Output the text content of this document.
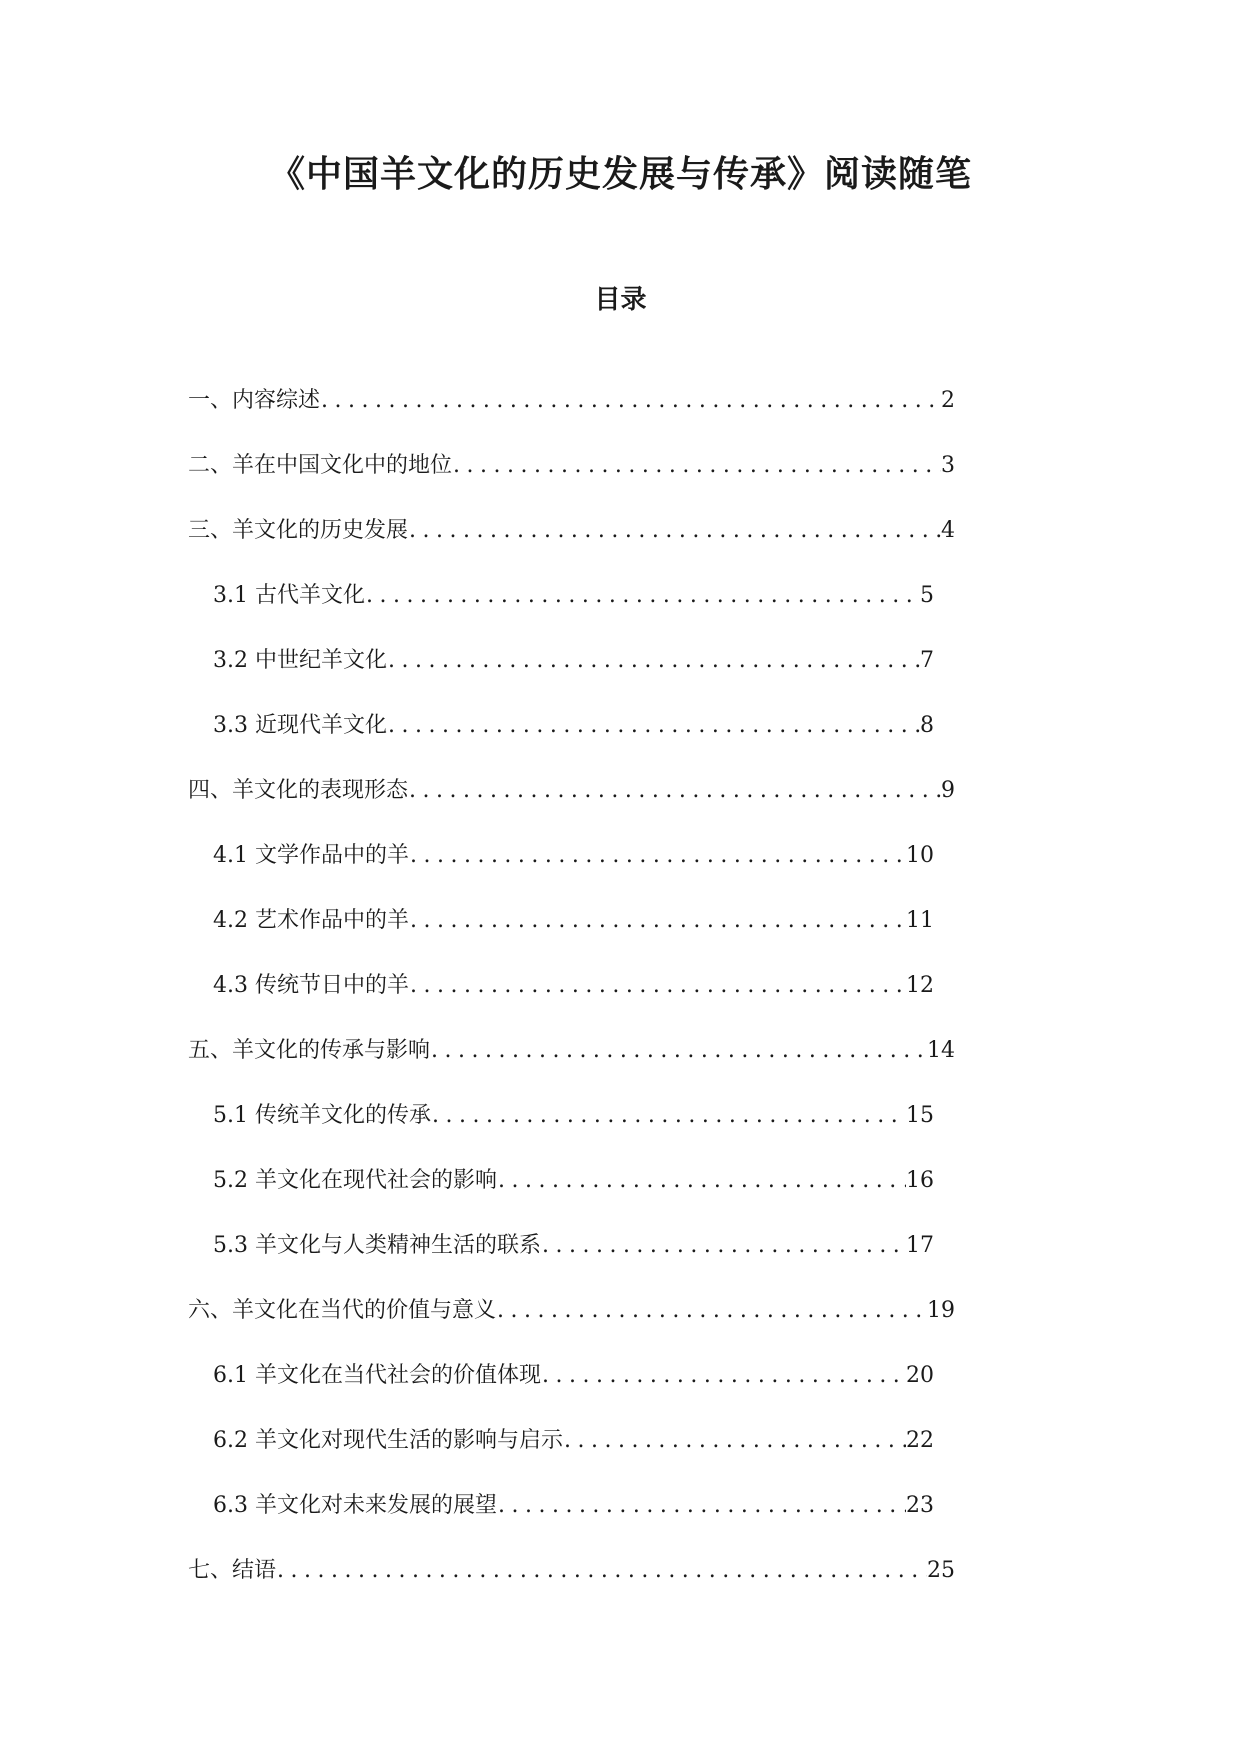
《中国羊文化的历史发展与传承》阅读随笔
目录
一、内容综述 .....	2
二、羊在中国文化中的地位 .....	3
三、羊文化的历史发展 .....	4
3.1 古代羊文化 .....	5
3.2 中世纪羊文化 .....	7
3.3 近现代羊文化 .....	8
四、羊文化的表现形态 .....	9
4.1 文学作品中的羊 .....	10
4.2 艺术作品中的羊 .....	11
4.3 传统节日中的羊 .....	12
五、羊文化的传承与影响 .....	14
5.1 传统羊文化的传承 .....	15
5.2 羊文化在现代社会的影响 .....	16
5.3 羊文化与人类精神生活的联系 .....	17
六、羊文化在当代的价值与意义 .....	19
6.1 羊文化在当代社会的价值体现 .....	20
6.2 羊文化对现代生活的影响与启示 .....	22
6.3 羊文化对未来发展的展望 .....	23
七、结语 .....	25
